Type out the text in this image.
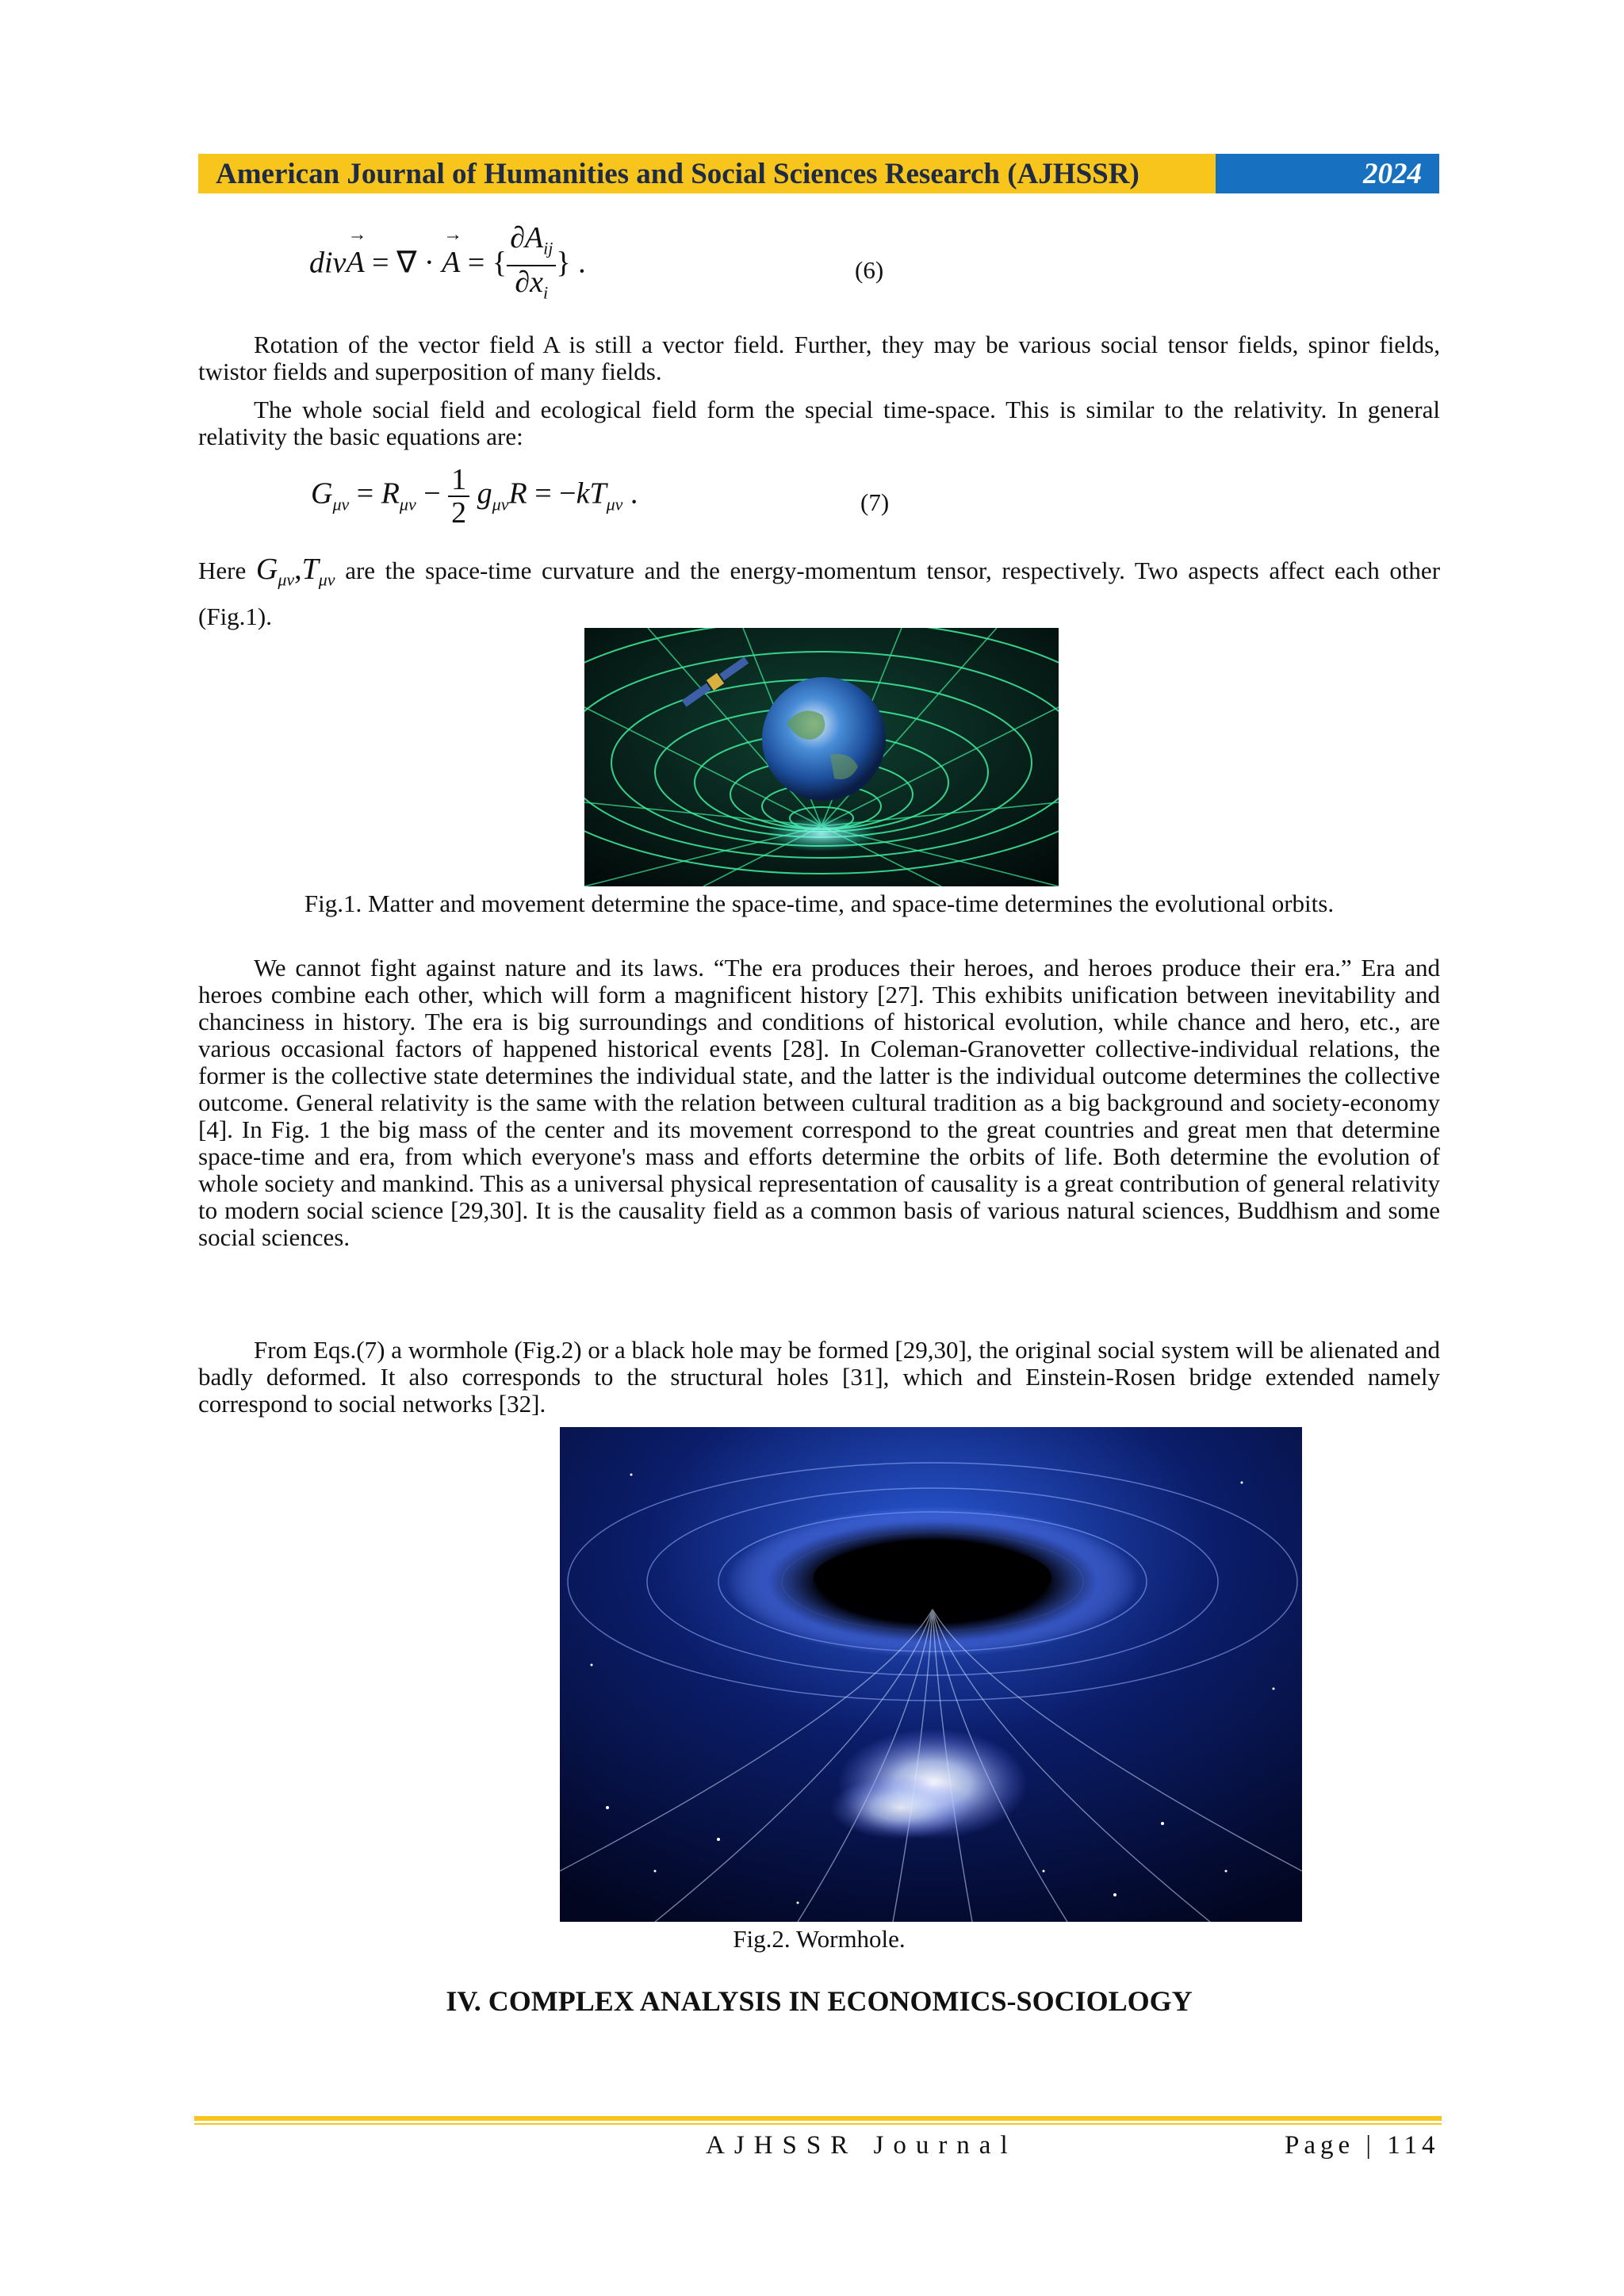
American Journal of Humanities and Social Sciences Research (AJHSSR)	2024
div→ A = ∇ · → A = { $\frac{\partial A_{ij}}{\partial x_i}$ } .	(6)

Rotation of the vector field A is still a vector field. Further, they may be various social tensor fields, spinor fields, twistor fields and superposition of many fields.

The whole social field and ecological field form the special time-space. This is similar to the relativity. In general relativity the basic equations are:

$G_{\mu\nu} = R_{\mu\nu} - \frac{1}{2} g_{\mu\nu}R = -kT_{\mu\nu}$ .	(7)
Here $G_{\mu\nu},T_{\mu\nu}$ are the space-time curvature and the energy-momentum tensor, respectively. Two aspects affect each other (Fig.1).
Fig.1. Matter and movement determine the space-time, and space-time determines the evolutional orbits.

We cannot fight against nature and its laws. “The era produces their heroes, and heroes produce their era.” Era and heroes combine each other, which will form a magnificent history [27]. This exhibits unification between inevitability and chanciness in history. The era is big surroundings and conditions of historical evolution, while chance and hero, etc., are various occasional factors of happened historical events [28]. In Coleman-Granovetter collective-individual relations, the former is the collective state determines the individual state, and the latter is the individual outcome determines the collective outcome. General relativity is the same with the relation between cultural tradition as a big background and society-economy [4]. In Fig. 1 the big mass of the center and its movement correspond to the great countries and great men that determine space-time and era, from which everyone's mass and efforts determine the orbits of life. Both determine the evolution of whole society and mankind. This as a universal physical representation of causality is a great contribution of general relativity to modern social science [29,30]. It is the causality field as a common basis of various natural sciences, Buddhism and some social sciences.

From Eqs.(7) a wormhole (Fig.2) or a black hole may be formed [29,30], the original social system will be alienated and badly deformed. It also corresponds to the structural holes [31], which and Einstein-Rosen bridge extended namely correspond to social networks [32].

Fig.2. Wormhole.
IV. COMPLEX ANALYSIS IN ECONOMICS-SOCIOLOGY
AJHSSR Journal	Page | 114
